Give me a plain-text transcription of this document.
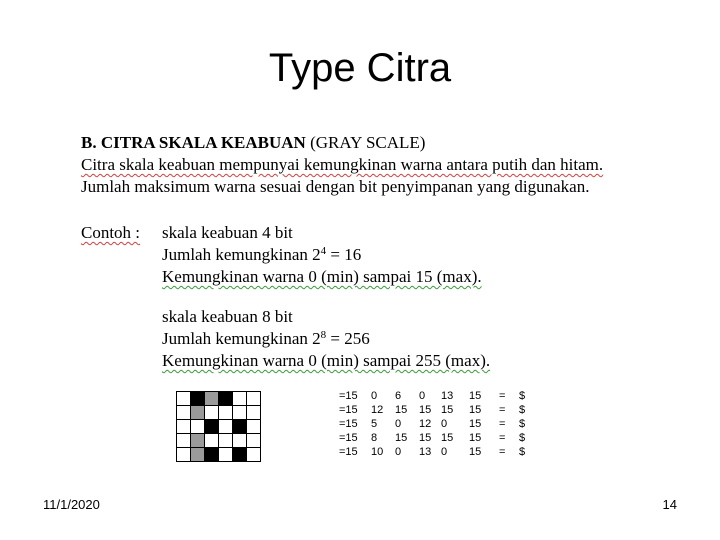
Type Citra
B. CITRA SKALA KEABUAN (GRAY SCALE)
Citra skala keabuan mempunyai kemungkinan warna antara putih dan hitam.
Jumlah maksimum warna sesuai dengan bit penyimpanan yang digunakan.
Contoh : skala keabuan 4 bit
Jumlah kemungkinan $2^4 = 16$
Kemungkinan warna 0 (min) sampai 15 (max).
skala keabuan 8 bit
Jumlah kemungkinan $2^8 = 256$
Kemungkinan warna 0 (min) sampai 255 (max).
=15 0 6 0 13 15 = $
=15 12 15 15 15 15 = $
=15 5 0 12 0 15 = $
=15 8 15 15 15 15 = $
=15 10 0 13 0 15 = $
11/1/2020	14
